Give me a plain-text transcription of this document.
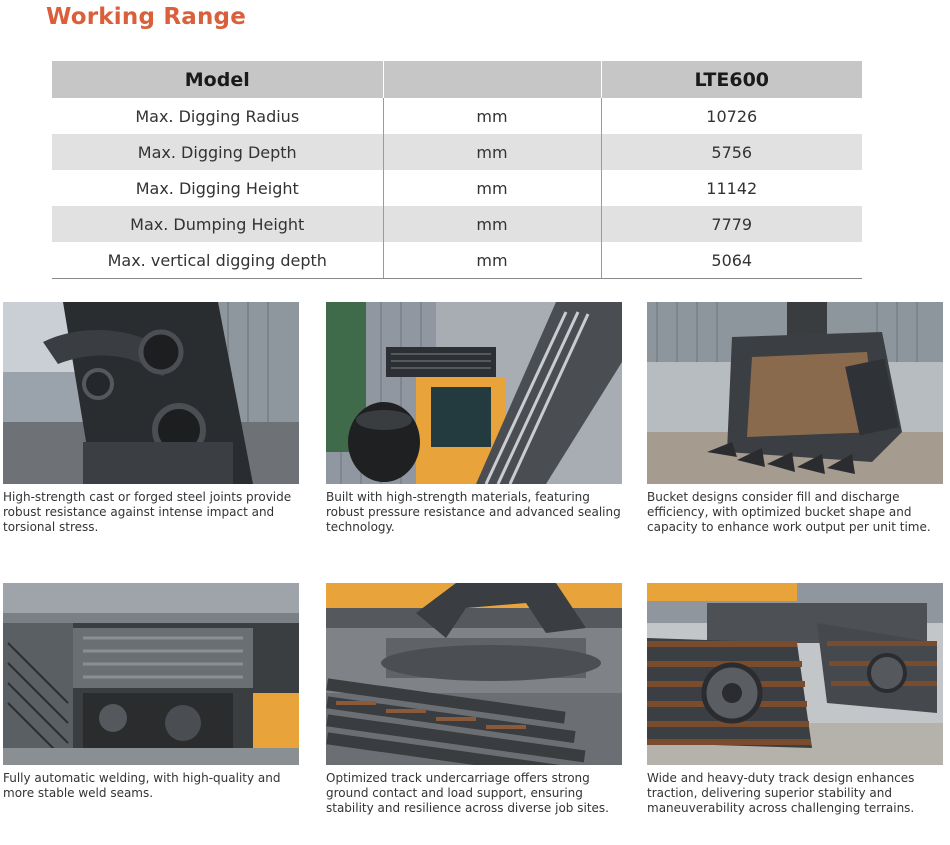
Working Range
Model		LTE600
Max. Digging Radius	mm	10726
Max. Digging Depth	mm	5756
Max. Digging Height	mm	11142
Max. Dumping Height	mm	7779
Max. vertical digging depth	mm	5064
High-strength cast or forged steel joints provide robust resistance against intense impact and torsional stress.
Built with high-strength materials, featuring robust pressure resistance and advanced sealing technology.
Bucket designs consider fill and discharge efficiency, with optimized bucket shape and capacity to enhance work output per unit time.
Fully automatic welding, with high-quality and more stable weld seams.
Optimized track undercarriage offers strong ground contact and load support, ensuring stability and resilience across diverse job sites.
Wide and heavy-duty track design enhances traction, delivering superior stability and maneuverability across challenging terrains.
